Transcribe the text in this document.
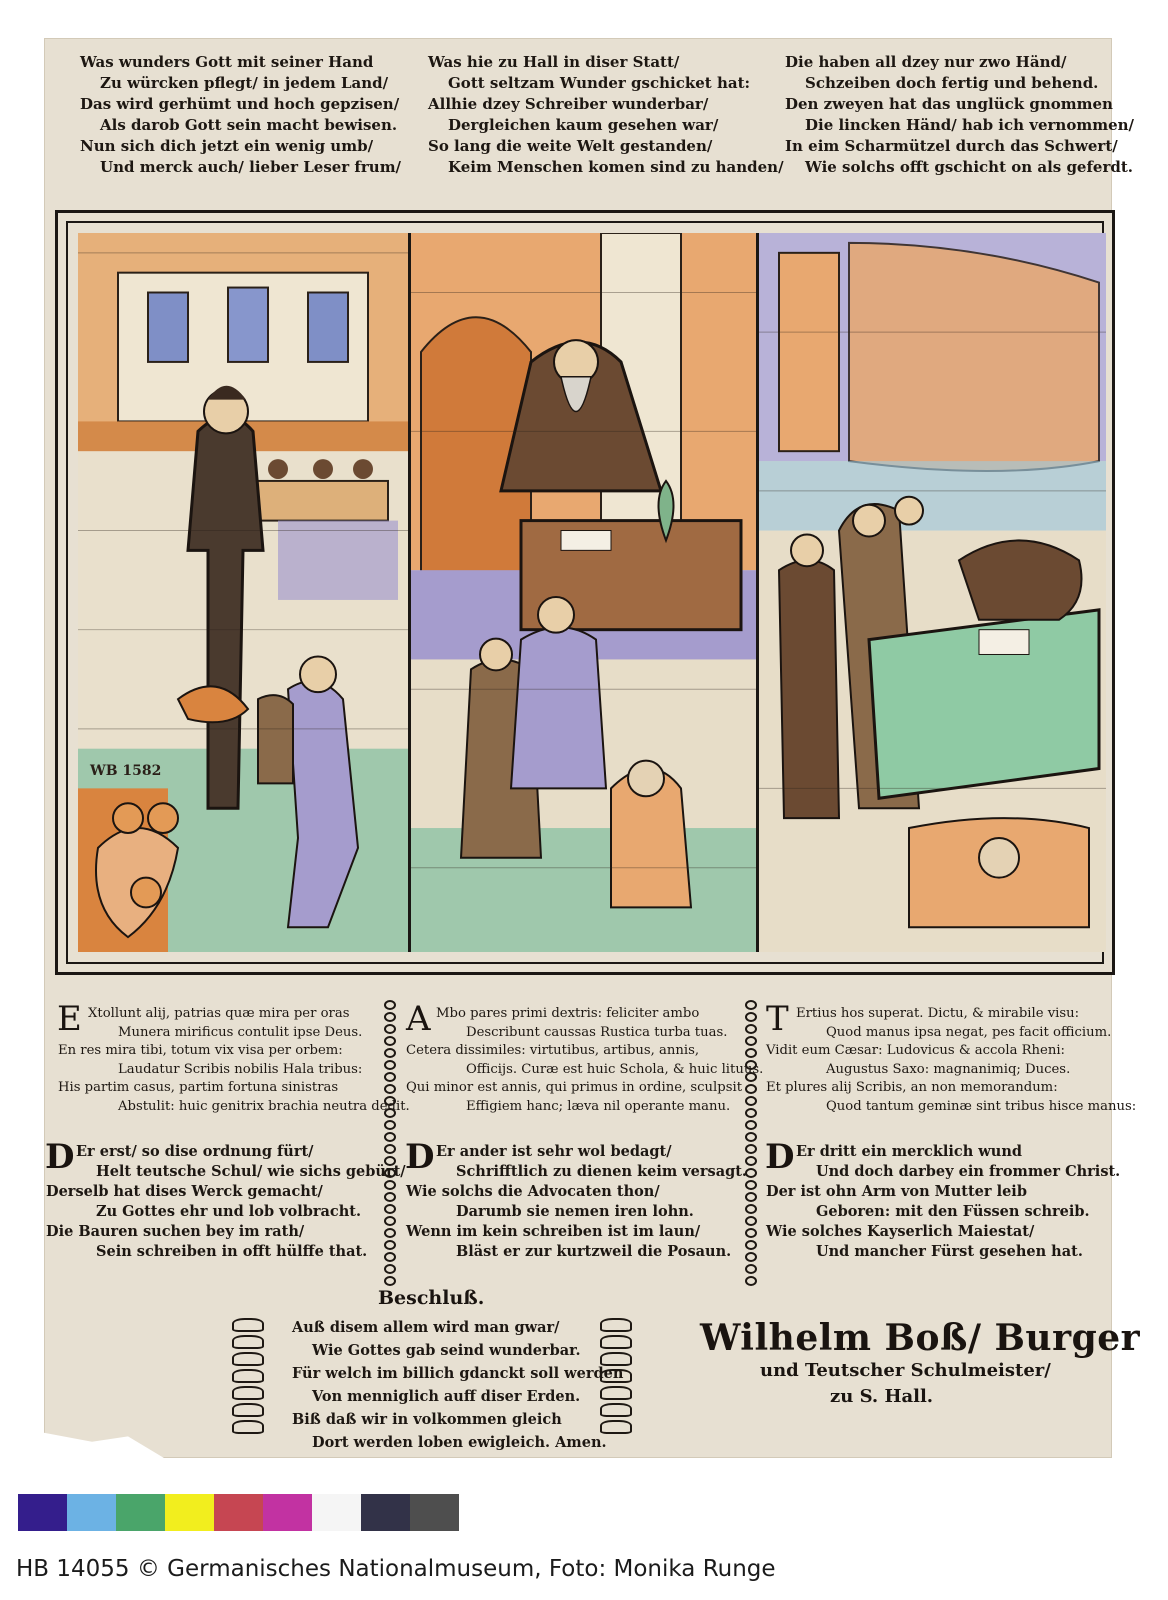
Was wunders Gott mit seiner Hand
Zu würcken pflegt/ in jedem Land/
Das wird gerhümt und hoch gepzisen/
Als darob Gott sein macht bewisen.
Nun sich dich jetzt ein wenig umb/
Und merck auch/ lieber Leser frum/
Was hie zu Hall in diser Statt/
Gott seltzam Wunder gschicket hat:
Allhie dzey Schreiber wunderbar/
Dergleichen kaum gesehen war/
So lang die weite Welt gestanden/
Keim Menschen komen sind zu handen/
Die haben all dzey nur zwo Händ/
Schzeiben doch fertig und behend.
Den zweyen hat das unglück gnommen
Die lincken Händ/ hab ich vernommen/
In eim Scharmützel durch das Schwert/
Wie solchs offt gschicht on als geferdt.
WB 1582
E Xtollunt alij, patrias quæ mira per oras
Munera mirificus contulit ipse Deus.
En res mira tibi, totum vix visa per orbem:
Laudatur Scribis nobilis Hala tribus:
His partim casus, partim fortuna sinistras
Abstulit: huic genitrix brachia neutra dedit.
A Mbo pares primi dextris: feliciter ambo
Describunt caussas Rustica turba tuas.
Cetera dissimiles: virtutibus, artibus, annis,
Officijs. Curæ est huic Schola, & huic lituus.
Qui minor est annis, qui primus in ordine, sculpsit
Effigiem hanc; læva nil operante manu.
T Ertius hos superat. Dictu, & mirabile visu:
Quod manus ipsa negat, pes facit officium.
Vidit eum Cæsar: Ludovicus & accola Rheni:
Augustus Saxo: magnanimiq; Duces.
Et plures alij Scribis, an non memorandum:
Quod tantum geminæ sint tribus hisce manus:
D Er erst/ so dise ordnung fürt/
Helt teutsche Schul/ wie sichs gebürt/
Derselb hat dises Werck gemacht/
Zu Gottes ehr und lob volbracht.
Die Bauren suchen bey im rath/
Sein schreiben in offt hülffe that.
D Er ander ist sehr wol bedagt/
Schrifftlich zu dienen keim versagt.
Wie solchs die Advocaten thon/
Darumb sie nemen iren lohn.
Wenn im kein schreiben ist im laun/
Bläst er zur kurtzweil die Posaun.
D Er dritt ein mercklich wund
Und doch darbey ein frommer Christ.
Der ist ohn Arm von Mutter leib
Geboren: mit den Füssen schreib.
Wie solches Kayserlich Maiestat/
Und mancher Fürst gesehen hat.
Beschluß.
Auß disem allem wird man gwar/
Wie Gottes gab seind wunderbar.
Für welch im billich gdanckt soll werden
Von menniglich auff diser Erden.
Biß daß wir in volkommen gleich
Dort werden loben ewigleich. Amen.
Wilhelm Boß/ Burger
und Teutscher Schulmeister/
zu S. Hall.
HB 14055 © Germanisches Nationalmuseum, Foto: Monika Runge
